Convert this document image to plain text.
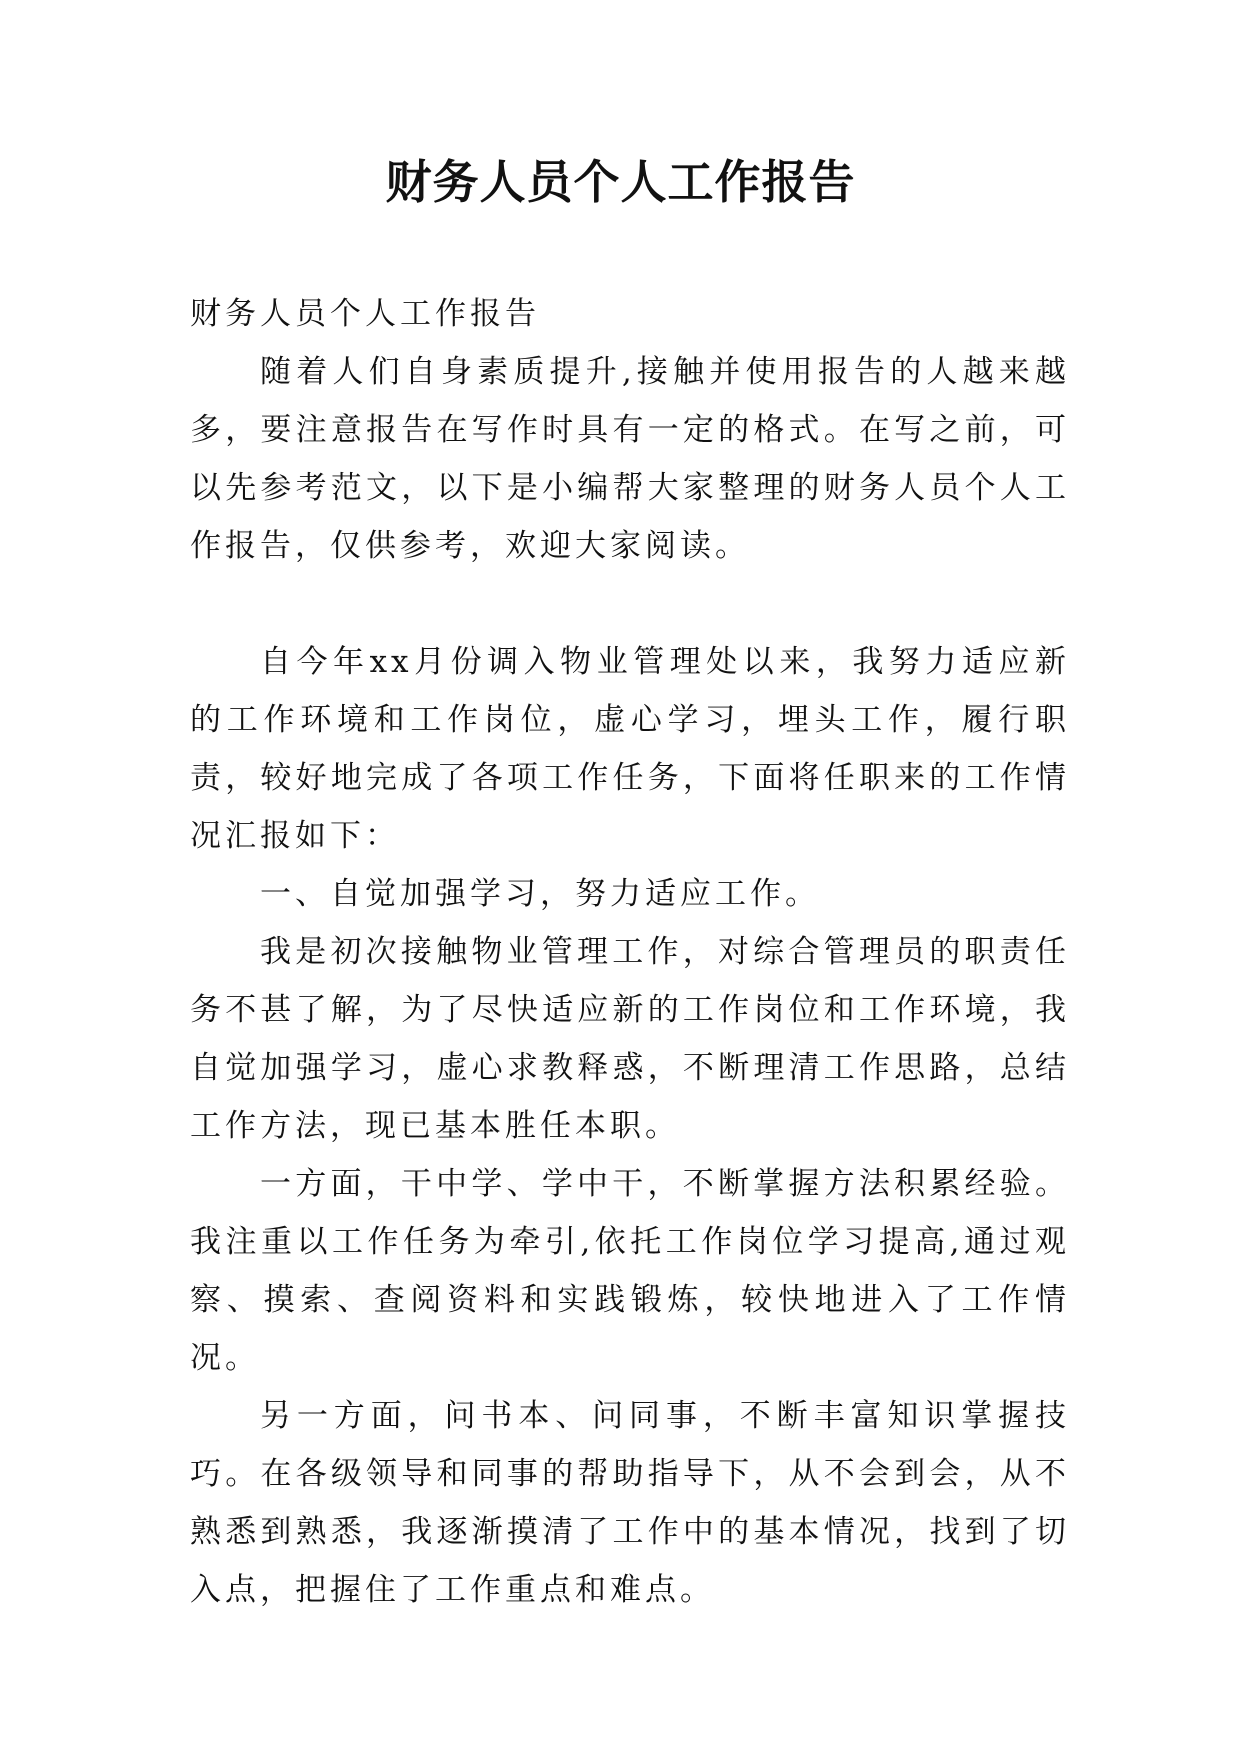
财务人员个人工作报告

财务人员个人工作报告

随着人们自身素质提升,接触并使用报告的人越来越多，要注意报告在写作时具有一定的格式。在写之前，可以先参考范文，以下是小编帮大家整理的财务人员个人工作报告，仅供参考，欢迎大家阅读。

自今年xx月份调入物业管理处以来，我努力适应新的工作环境和工作岗位，虚心学习，埋头工作，履行职责，较好地完成了各项工作任务，下面将任职来的工作情况汇报如下：

一、自觉加强学习，努力适应工作。

我是初次接触物业管理工作，对综合管理员的职责任务不甚了解，为了尽快适应新的工作岗位和工作环境，我自觉加强学习，虚心求教释惑，不断理清工作思路，总结工作方法，现已基本胜任本职。

一方面，干中学、学中干，不断掌握方法积累经验。我注重以工作任务为牵引,依托工作岗位学习提高,通过观察、摸索、查阅资料和实践锻炼，较快地进入了工作情况。

另一方面，问书本、问同事，不断丰富知识掌握技巧。在各级领导和同事的帮助指导下，从不会到会，从不熟悉到熟悉，我逐渐摸清了工作中的基本情况，找到了切入点，把握住了工作重点和难点。
